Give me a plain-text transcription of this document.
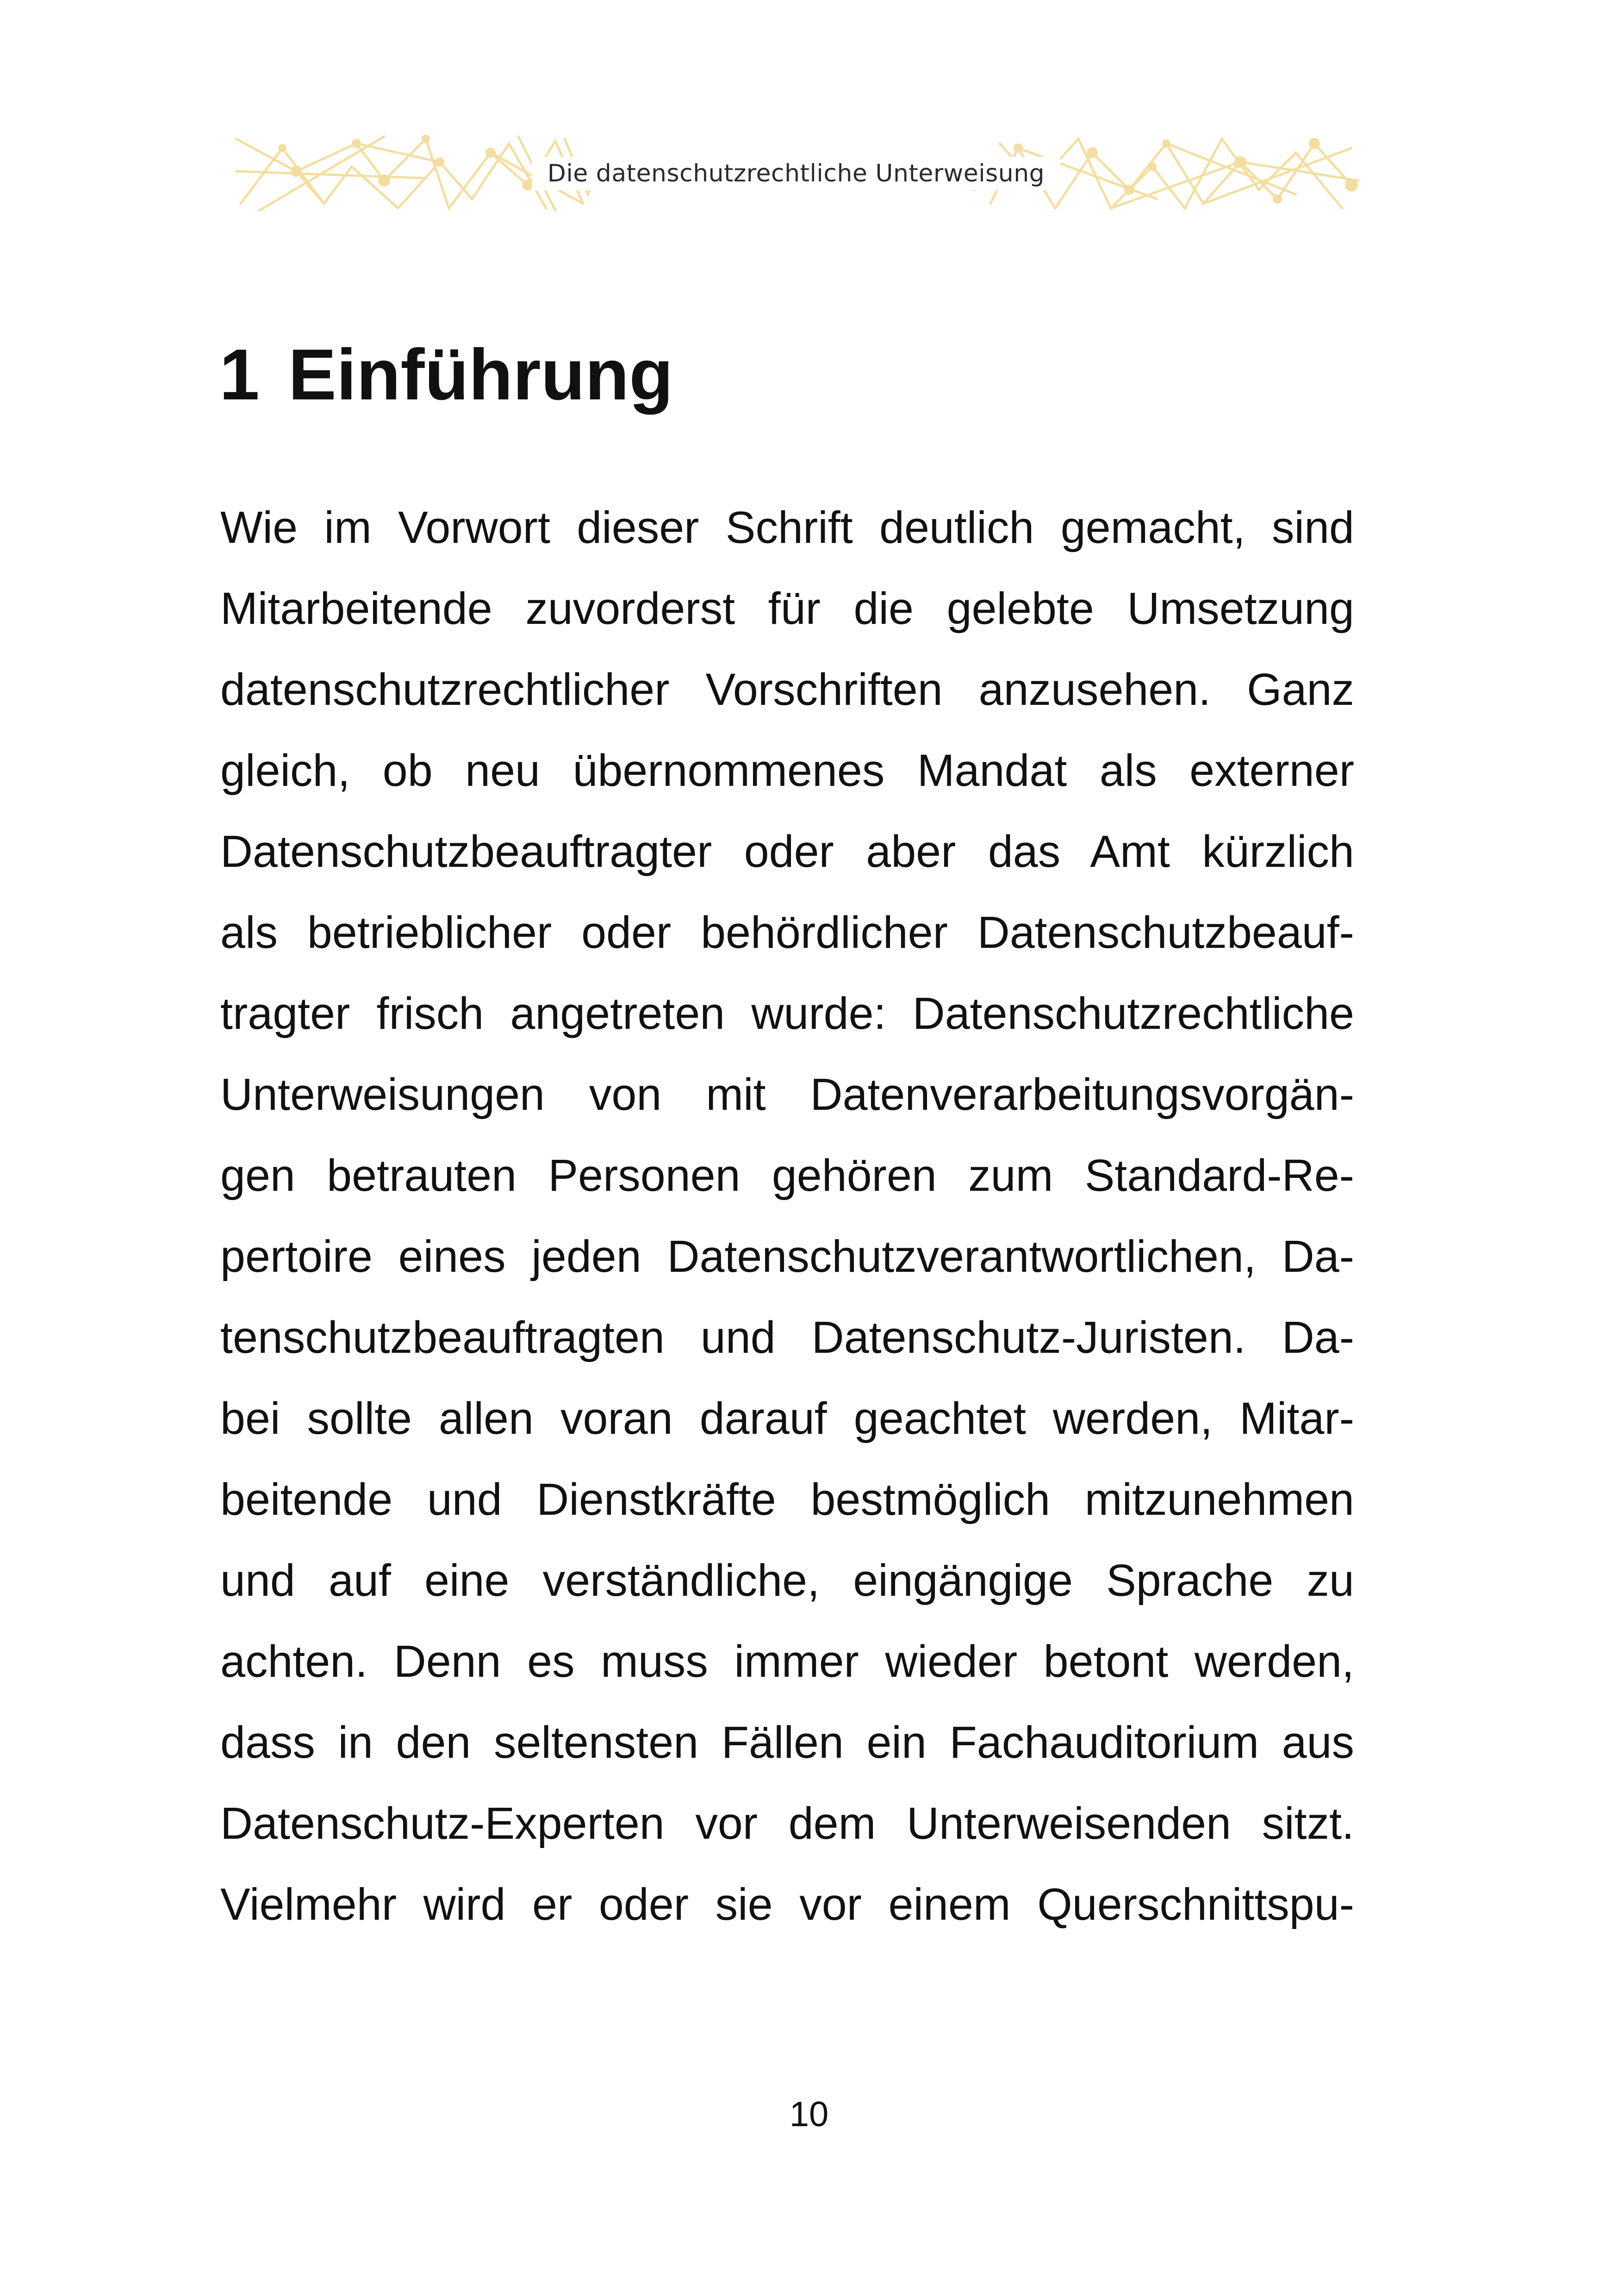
Die datenschutzrechtliche Unterweisung
1 Einführung
Wie im Vorwort dieser Schrift deutlich gemacht, sind
Mitarbeitende zuvorderst für die gelebte Umsetzung
datenschutzrechtlicher Vorschriften anzusehen. Ganz
gleich, ob neu übernommenes Mandat als externer
Datenschutzbeauftragter oder aber das Amt kürzlich
als betrieblicher oder behördlicher Datenschutzbeauf-
tragter frisch angetreten wurde: Datenschutzrechtliche
Unterweisungen von mit Datenverarbeitungsvorgän-
gen betrauten Personen gehören zum Standard-Re-
pertoire eines jeden Datenschutzverantwortlichen, Da-
tenschutzbeauftragten und Datenschutz-Juristen. Da-
bei sollte allen voran darauf geachtet werden, Mitar-
beitende und Dienstkräfte bestmöglich mitzunehmen
und auf eine verständliche, eingängige Sprache zu
achten. Denn es muss immer wieder betont werden,
dass in den seltensten Fällen ein Fachauditorium aus
Datenschutz-Experten vor dem Unterweisenden sitzt.
Vielmehr wird er oder sie vor einem Querschnittspu-
10
